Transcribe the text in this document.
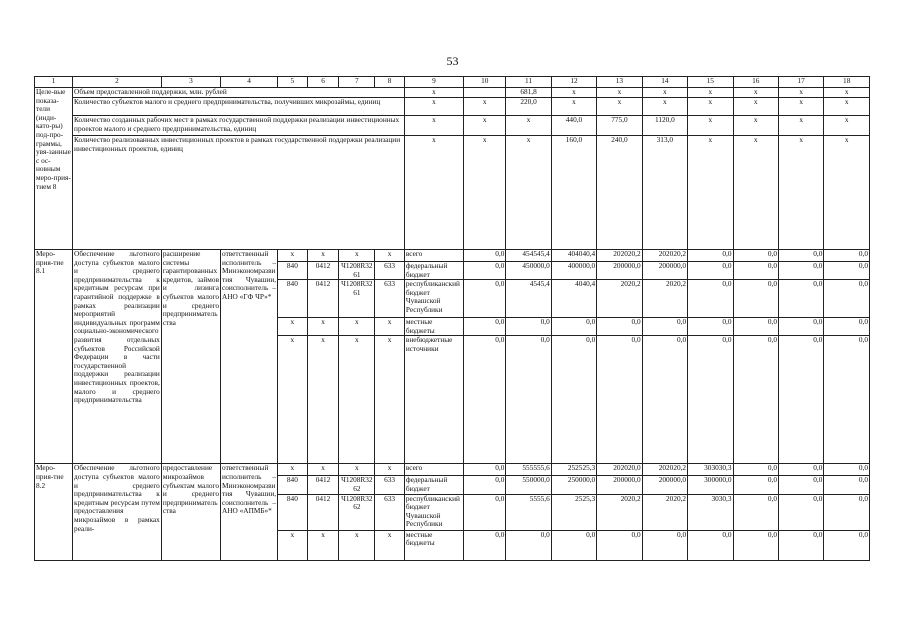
53
1	2	3	4	5	6	7	8	9	10	11	12	13	14	15	16	17	18
Целе-вые показа-тели (инди-като-ры) под-про-граммы, увя-занные с ос-новным меро-прия-тием 8	Объем предоставленной поддержки, млн. рублей							x		681,8	x	x	x	x	x	x	x
	Количество субъектов малого и среднего предпринимательства, получивших микрозаймы, единиц							x	x	220,0	x	x	x	x	x	x	x
	Количество созданных рабочих мест в рамках государственной поддержки реализации инвестиционных проектов малого и среднего предпринимательства, единиц							x	x	x	440,0	775,0	1120,0	x	x	x	x
	Количество реализованных инвестиционных проектов в рамках государственной поддержки реализации инвестиционных проектов, единиц							x	x	x	160,0	240,0	313,0	x	x	x	x
Меро-прия-тие 8.1	Обеспечение льготного доступа субъектов малого и среднего предпринимательства к кредитным ресурсам при гарантийной поддержке в рамках реализации мероприятий индивидуальных программ социально-экономического развития отдельных субъектов Российской Федерации в части государственной поддержки реализации инвестиционных проектов, малого и среднего предпринимательства	расширение системы гарантированных кредитов, займов и лизинга субъектов малого и среднего предпринимательства	ответственный исполнитель – Минэкономразвития Чувашии, соисполнитель – АНО «ГФ ЧР»*	x	x	x	x	всего	0,0	454545,4	404040,4	202020,2	202020,2	0,0	0,0	0,0	0,0
				840	0412	Ч1208R3261	633	федеральный бюджет	0,0	450000,0	400000,0	200000,0	200000,0	0,0	0,0	0,0	0,0
				840	0412	Ч1208R3261	633	республиканский бюджет Чувашской Республики	0,0	4545,4	4040,4	2020,2	2020,2	0,0	0,0	0,0	0,0
				x	x	x	x	местные бюджеты	0,0	0,0	0,0	0,0	0,0	0,0	0,0	0,0	0,0
				x	x	x	x	внебюджетные источники	0,0	0,0	0,0	0,0	0,0	0,0	0,0	0,0	0,0
Меро-прия-тие 8.2	Обеспечение льготного доступа субъектов малого и среднего предпринимательства к кредитным ресурсам путем предоставления микрозаймов в рамках реали-	предоставление микрозаймов субъектам малого и среднего предпринимательства	ответственный исполнитель – Минэкономразвития Чувашии, соисполнитель – АНО «АПМБ»*	x	x	x	x	всего	0,0	555555,6	252525,3	202020,0	202020,2	303030,3	0,0	0,0	0,0
				840	0412	Ч1208R3262	633	федеральный бюджет	0,0	550000,0	250000,0	200000,0	200000,0	300000,0	0,0	0,0	0,0
				840	0412	Ч1208R3262	633	республиканский бюджет Чувашской Республики	0,0	5555,6	2525,3	2020,2	2020,2	3030,3	0,0	0,0	0,0
				x	x	x	x	местные бюджеты	0,0	0,0	0,0	0,0	0,0	0,0	0,0	0,0	0,0
